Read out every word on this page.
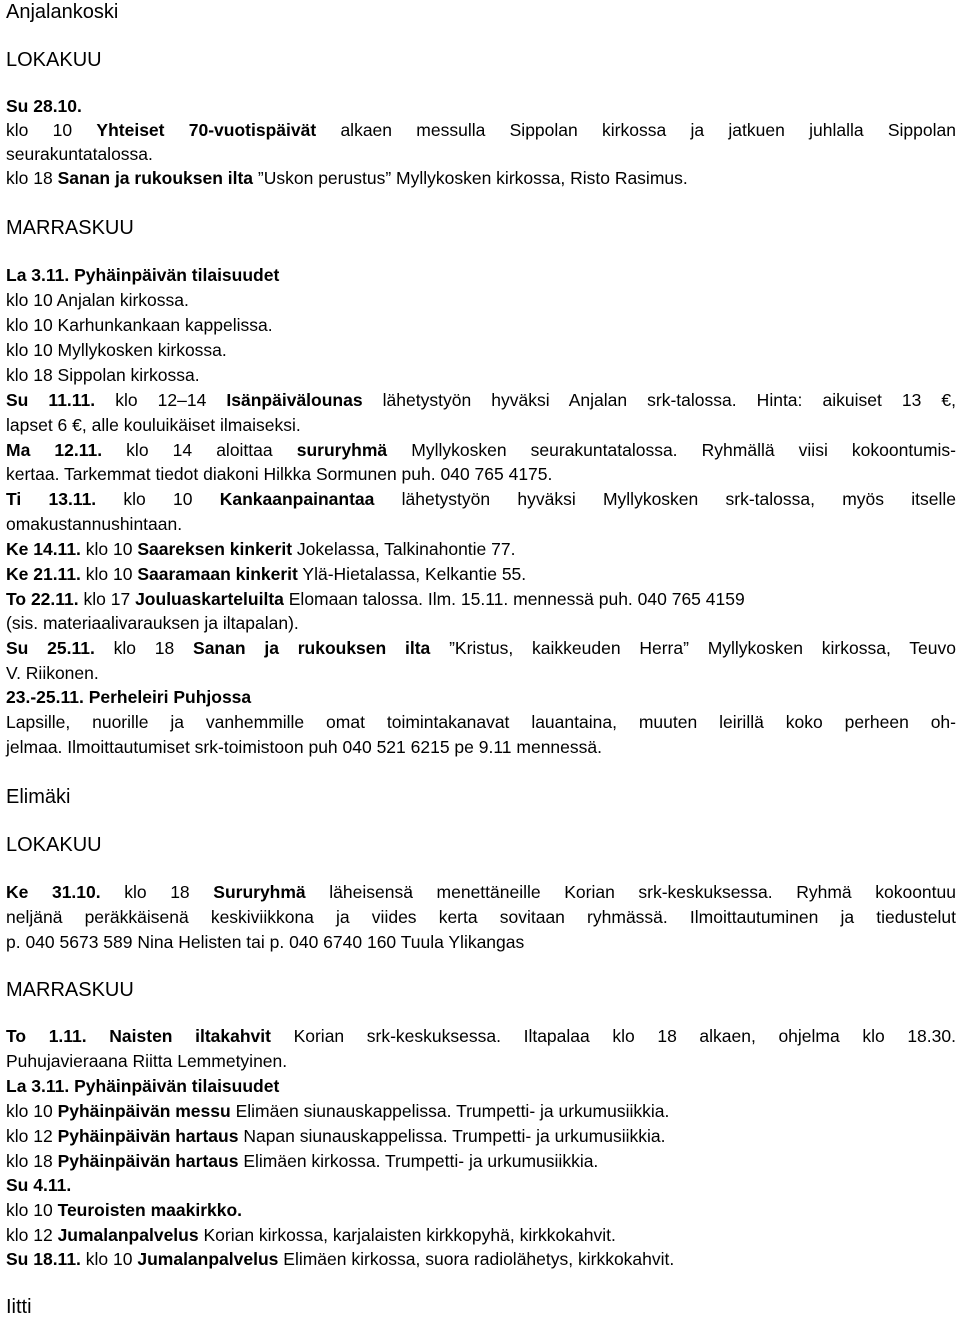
Anjalankoski
LOKAKUU
Su 28.10.
klo 10 Yhteiset 70-vuotispäivät alkaen messulla Sippolan kirkossa ja jatkuen juhlalla Sippolan
seurakuntatalossa.
klo 18 Sanan ja rukouksen ilta ”Uskon perustus” Myllykosken kirkossa, Risto Rasimus.
MARRASKUU
La 3.11. Pyhäinpäivän tilaisuudet
klo 10 Anjalan kirkossa.
klo 10 Karhunkankaan kappelissa.
klo 10 Myllykosken kirkossa.
klo 18 Sippolan kirkossa.
Su 11.11. klo 12–14 Isänpäivälounas lähetystyön hyväksi Anjalan srk-talossa. Hinta: aikuiset 13 €,
lapset 6 €, alle kouluikäiset ilmaiseksi.
Ma 12.11. klo 14 aloittaa sururyhmä Myllykosken seurakuntatalossa. Ryhmällä viisi kokoontumis-
kertaa. Tarkemmat tiedot diakoni Hilkka Sormunen puh. 040 765 4175.
Ti 13.11. klo 10 Kankaanpainantaa lähetystyön hyväksi Myllykosken srk-talossa, myös itselle
omakustannushintaan.
Ke 14.11. klo 10 Saareksen kinkerit Jokelassa, Talkinahontie 77.
Ke 21.11. klo 10 Saaramaan kinkerit Ylä-Hietalassa, Kelkantie 55.
To 22.11. klo 17 Jouluaskarteluilta Elomaan talossa. Ilm. 15.11. mennessä puh. 040 765 4159
(sis. materiaalivarauksen ja iltapalan).
Su 25.11. klo 18 Sanan ja rukouksen ilta ”Kristus, kaikkeuden Herra” Myllykosken kirkossa, Teuvo
V. Riikonen.
23.-25.11. Perheleiri Puhjossa
Lapsille, nuorille ja vanhemmille omat toimintakanavat lauantaina, muuten leirillä koko perheen oh-
jelmaa. Ilmoittautumiset srk-toimistoon puh 040 521 6215 pe 9.11 mennessä.
Elimäki
LOKAKUU
Ke 31.10. klo 18 Sururyhmä läheisensä menettäneille Korian srk-keskuksessa. Ryhmä kokoontuu
neljänä peräkkäisenä keskiviikkona ja viides kerta sovitaan ryhmässä. Ilmoittautuminen ja tiedustelut
p. 040 5673 589 Nina Helisten tai p. 040 6740 160 Tuula Ylikangas
MARRASKUU
To 1.11. Naisten iltakahvit Korian srk-keskuksessa. Iltapalaa klo 18 alkaen, ohjelma klo 18.30.
Puhujavieraana Riitta Lemmetyinen.
La 3.11. Pyhäinpäivän tilaisuudet
klo 10 Pyhäinpäivän messu Elimäen siunauskappelissa. Trumpetti- ja urkumusiikkia.
klo 12 Pyhäinpäivän hartaus Napan siunauskappelissa. Trumpetti- ja urkumusiikkia.
klo 18 Pyhäinpäivän hartaus Elimäen kirkossa. Trumpetti- ja urkumusiikkia.
Su 4.11.
klo 10 Teuroisten maakirkko.
klo 12 Jumalanpalvelus Korian kirkossa, karjalaisten kirkkopyhä, kirkkokahvit.
Su 18.11. klo 10 Jumalanpalvelus Elimäen kirkossa, suora radiolähetys, kirkkokahvit.
Iitti
